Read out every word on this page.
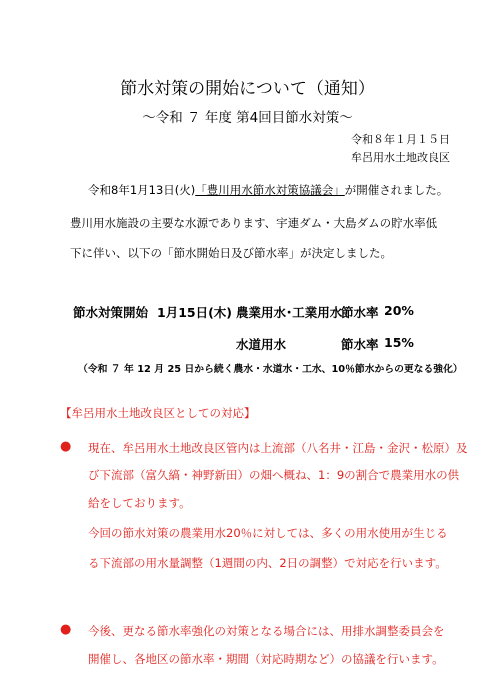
節水対策の開始について（通知）
～令和 ７ 年度 第4回目節水対策～
令和８年１月１５日
牟呂用水土地改良区
令和8年1月13日(火)「豊川用水節水対策協議会」が開催されました。
豊川用水施設の主要な水源であります、宇連ダム・大島ダムの貯水率低
下に伴い、以下の「節水開始日及び節水率」が決定しました。
節水対策開始 1月15日(木) 農業用水･工業用水
節水率 20%
水道用水	節水率 15%
（令和 ７ 年 12 月 25 日から続く農水・水道水・工水、10％節水からの更なる強化）
【牟呂用水土地改良区としての対応】
● 現在、牟呂用水土地改良区管内は上流部（八名井・江島・金沢・松原）及
び下流部（富久縞・神野新田）の畑へ概ね、1：9の割合で農業用水の供
給をしております。
今回の節水対策の農業用水20％に対しては、多くの用水使用が生じる
る下流部の用水量調整（1週間の内、2日の調整）で対応を行います。
● 今後、更なる節水率強化の対策となる場合には、用排水調整委員会を
開催し、各地区の節水率・期間（対応時期など）の協議を行います。
